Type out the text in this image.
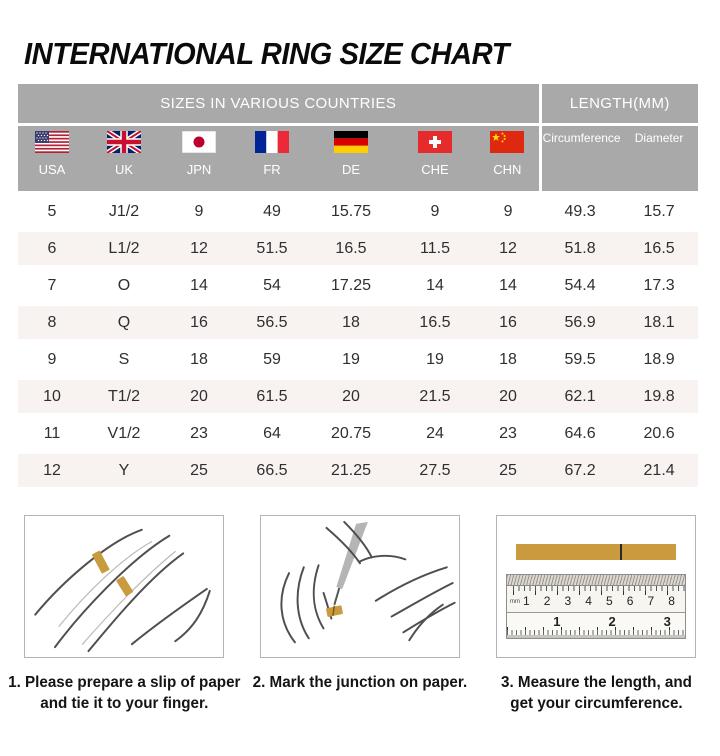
INTERNATIONAL RING SIZE CHART
SIZES IN VARIOUS COUNTRIES							LENGTH(MM)	

USA	UK	JPN	FR	DE	CHE	CHN	Circumference	Diameter
5	J1/2	9	49	15.75	9	9	49.3	15.7
6	L1/2	12	51.5	16.5	11.5	12	51.8	16.5
7	O	14	54	17.25	14	14	54.4	17.3
8	Q	16	56.5	18	16.5	16	56.9	18.1
9	S	18	59	19	19	18	59.5	18.9
10	T1/2	20	61.5	20	21.5	20	62.1	19.8
11	V1/2	23	64	20.75	24	23	64.6	20.6
12	Y	25	66.5	21.25	27.5	25	67.2	21.4
1. Please prepare a slip of paper
and tie it to your finger.
2. Mark the junction on paper.
mm 1 2 3 4 5 6 7 8
1	2	3
3. Measure the length, and
get your circumference.
